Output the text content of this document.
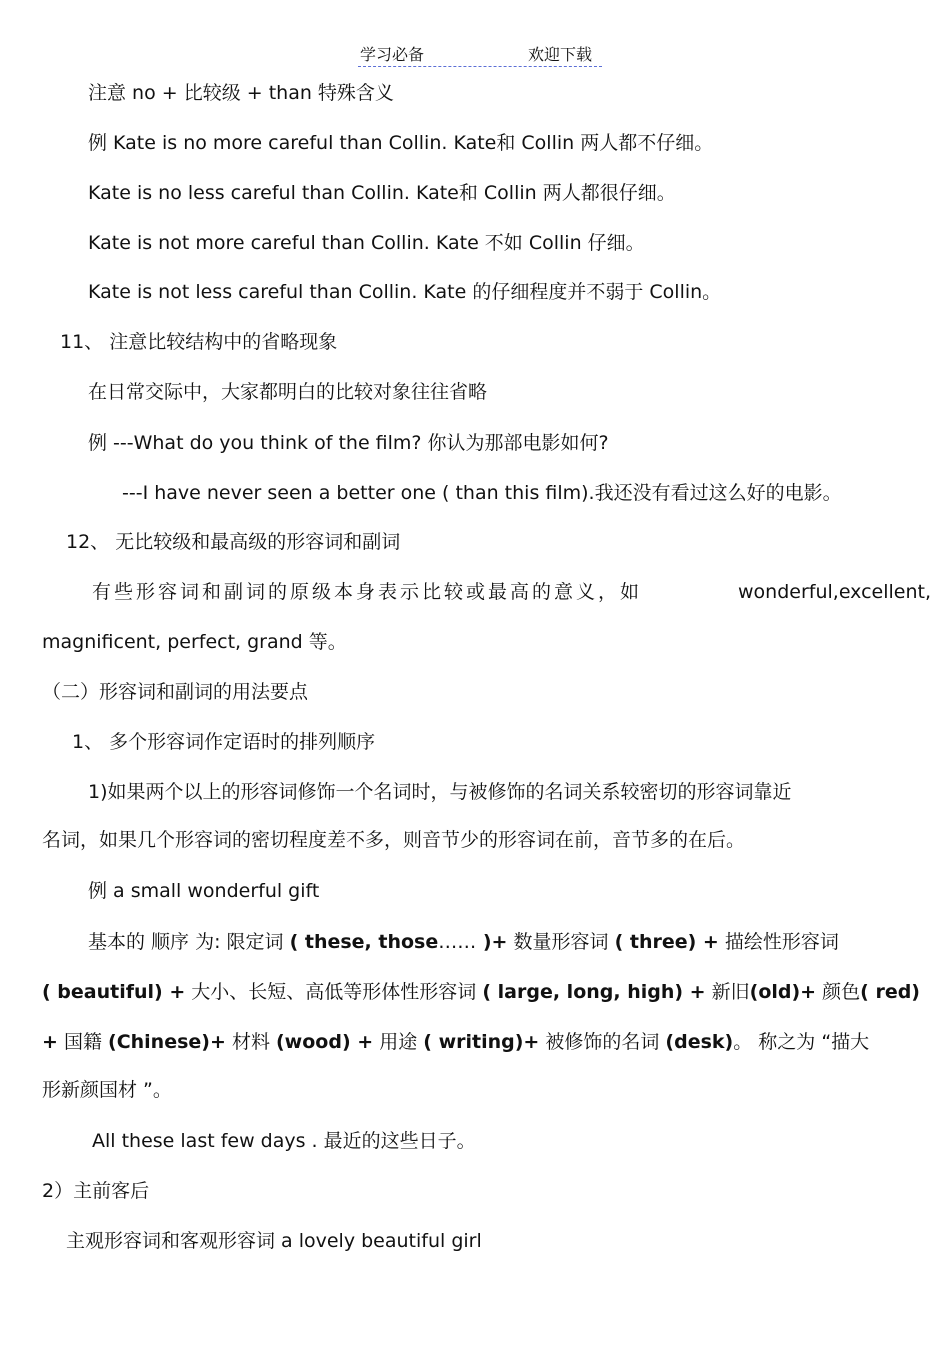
学习必备	欢迎下载
注意 no + 比较级 + than 特殊含义
例 Kate is no more careful than Collin. Kate和 Collin 两人都不仔细。
Kate is no less careful than Collin. Kate和 Collin 两人都很仔细。
Kate is not more careful than Collin. Kate 不如 Collin 仔细。
Kate is not less careful than Collin. Kate 的仔细程度并不弱于 Collin。
11、 注意比较结构中的省略现象
在日常交际中，大家都明白的比较对象往往省略
例 ---What do you think of the film? 你认为那部电影如何?
---I have never seen a better one ( than this film).我还没有看过这么好的电影。
12、 无比较级和最高级的形容词和副词
有些形容词和副词的原级本身表示比较或最高的意义，如	wonderful,excellent,
magnificent, perfect, grand 等。
（二）形容词和副词的用法要点
1、 多个形容词作定语时的排列顺序
1)如果两个以上的形容词修饰一个名词时，与被修饰的名词关系较密切的形容词靠近
名词，如果几个形容词的密切程度差不多，则音节少的形容词在前，音节多的在后。
例 a small wonderful gift
基本的 顺序 为: 限定词 ( these, those…… )+ 数量形容词 ( three) + 描绘性形容词
( beautiful) + 大小、长短、高低等形体性形容词 ( large, long, high) + 新旧(old)+ 颜色( red)
+ 国籍 (Chinese)+ 材料 (wood) + 用途 ( writing)+ 被修饰的名词 (desk)。 称之为 “描大
形新颜国材 ”。
All these last few days . 最近的这些日子。
2）主前客后
主观形容词和客观形容词 a lovely beautiful girl
